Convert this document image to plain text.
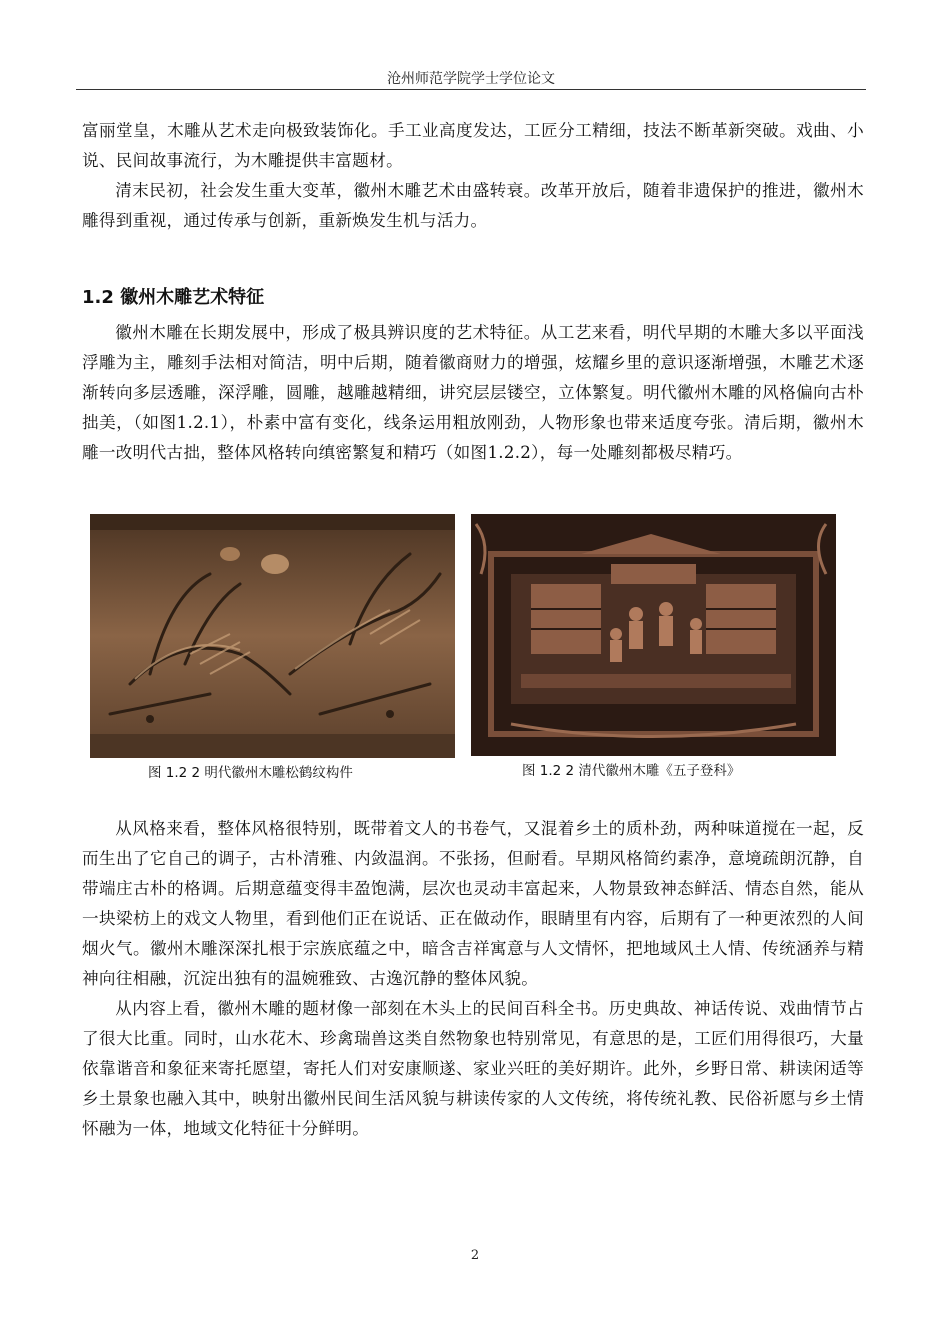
沧州师范学院学士学位论文

富丽堂皇，木雕从艺术走向极致装饰化。手工业高度发达，工匠分工精细，技法不断革新突破。戏曲、小说、民间故事流行，为木雕提供丰富题材。

清末民初，社会发生重大变革，徽州木雕艺术由盛转衰。改革开放后，随着非遗保护的推进，徽州木雕得到重视，通过传承与创新，重新焕发生机与活力。

1.2 徽州木雕艺术特征

徽州木雕在长期发展中，形成了极具辨识度的艺术特征。从工艺来看，明代早期的木雕大多以平面浅浮雕为主，雕刻手法相对简洁，明中后期，随着徽商财力的增强，炫耀乡里的意识逐渐增强，木雕艺术逐渐转向多层透雕，深浮雕，圆雕，越雕越精细，讲究层层镂空，立体繁复。明代徽州木雕的风格偏向古朴拙美，（如图1.2.1），朴素中富有变化，线条运用粗放刚劲，人物形象也带来适度夸张。清后期，徽州木雕一改明代古拙，整体风格转向缜密繁复和精巧（如图1.2.2），每一处雕刻都极尽精巧。

图 1.2 2 明代徽州木雕松鹤纹构件	图 1.2 2 清代徽州木雕《五子登科》

从风格来看，整体风格很特别，既带着文人的书卷气，又混着乡土的质朴劲，两种味道搅在一起，反而生出了它自己的调子，古朴清雅、内敛温润。不张扬，但耐看。早期风格简约素净，意境疏朗沉静，自带端庄古朴的格调。后期意蕴变得丰盈饱满，层次也灵动丰富起来，人物景致神态鲜活、情态自然，能从一块梁枋上的戏文人物里，看到他们正在说话、正在做动作，眼睛里有内容，后期有了一种更浓烈的人间烟火气。徽州木雕深深扎根于宗族底蕴之中，暗含吉祥寓意与人文情怀，把地域风土人情、传统涵养与精神向往相融，沉淀出独有的温婉雅致、古逸沉静的整体风貌。

从内容上看，徽州木雕的题材像一部刻在木头上的民间百科全书。历史典故、神话传说、戏曲情节占了很大比重。同时，山水花木、珍禽瑞兽这类自然物象也特别常见，有意思的是，工匠们用得很巧，大量依靠谐音和象征来寄托愿望，寄托人们对安康顺遂、家业兴旺的美好期许。此外，乡野日常、耕读闲适等乡土景象也融入其中，映射出徽州民间生活风貌与耕读传家的人文传统，将传统礼教、民俗祈愿与乡土情怀融为一体，地域文化特征十分鲜明。

2
